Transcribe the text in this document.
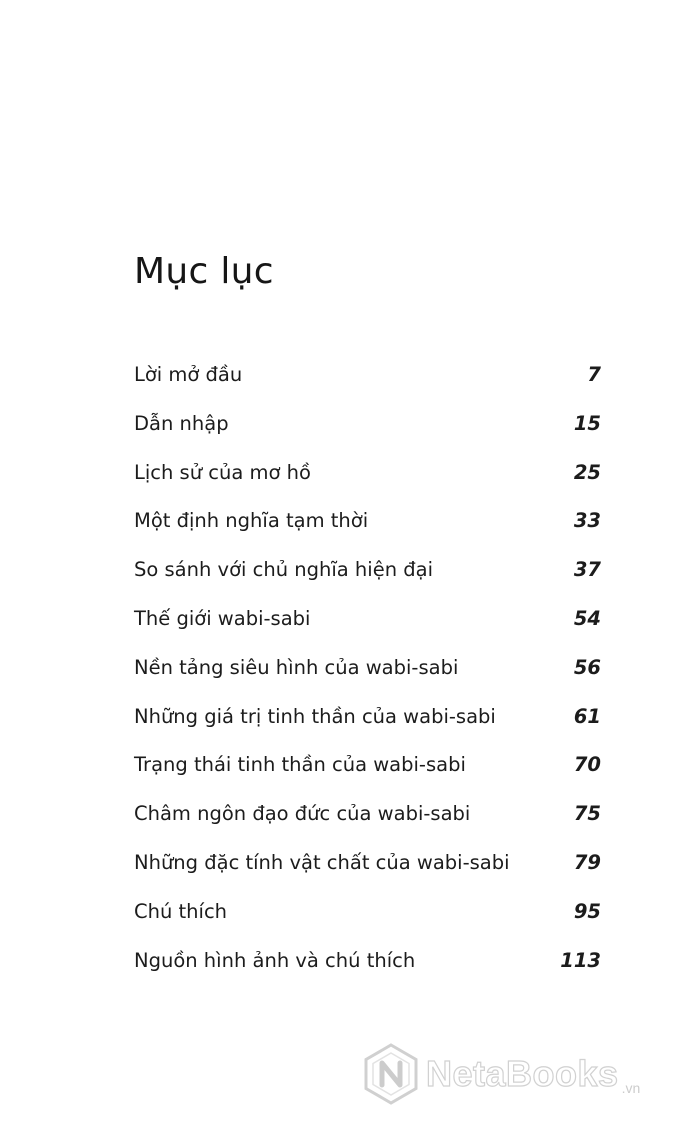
Mục lục
Lời mở đầu	7
Dẫn nhập	15
Lịch sử của mơ hồ	25
Một định nghĩa tạm thời	33
So sánh với chủ nghĩa hiện đại	37
Thế giới wabi-sabi	54
Nền tảng siêu hình của wabi-sabi	56
Những giá trị tinh thần của wabi-sabi	61
Trạng thái tinh thần của wabi-sabi	70
Châm ngôn đạo đức của wabi-sabi	75
Những đặc tính vật chất của wabi-sabi	79
Chú thích	95
Nguồn hình ảnh và chú thích	113
NetaBooks .vn
